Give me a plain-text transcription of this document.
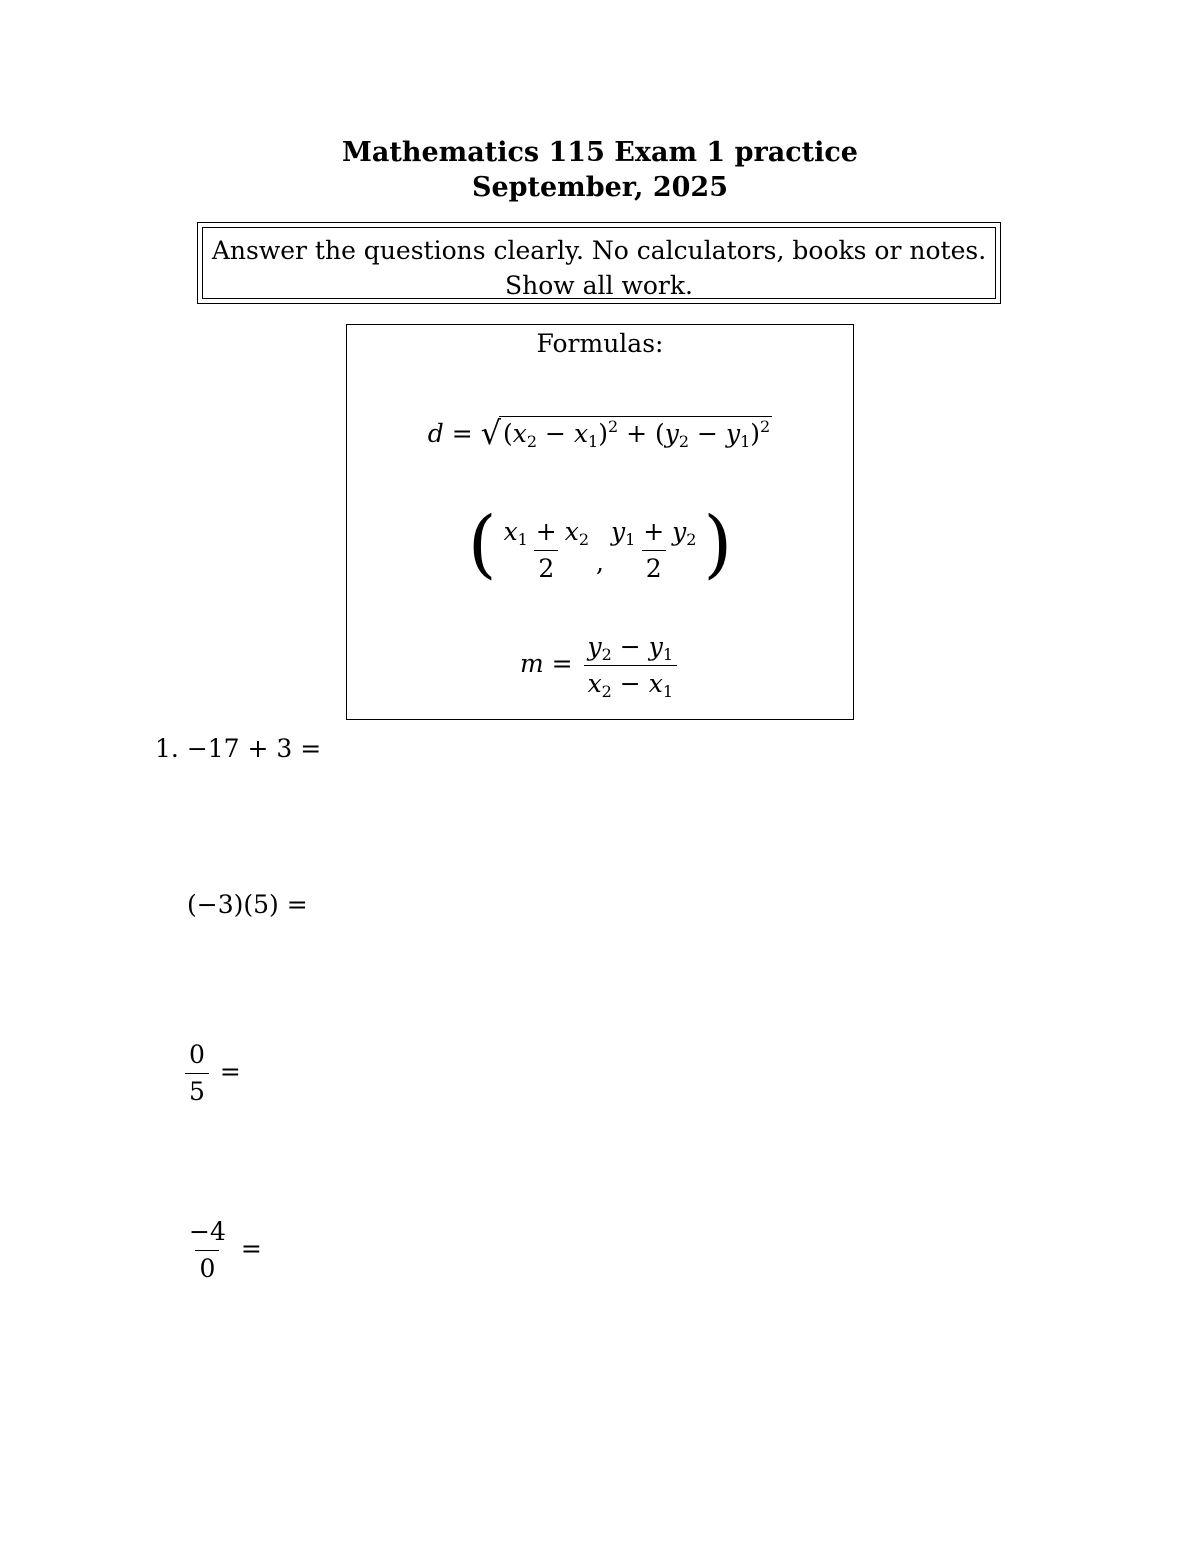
Mathematics 115 Exam 1 practice
September, 2025
Answer the questions clearly. No calculators, books or notes.
Show all work.
Formulas:
$d = √(x_2 - x_1)^2 + (y_2 - y_1)^2$
( $\frac{x_1 + x_2}{2}$ , $\frac{y_1 + y_2}{2}$ )
$m = \frac{y_2 - y_1}{x_2 - x_1}$
1. −17 + 3 =
(−3)(5) =
$\frac{0}{5}$ =
$\frac{-4}{0}$ =
